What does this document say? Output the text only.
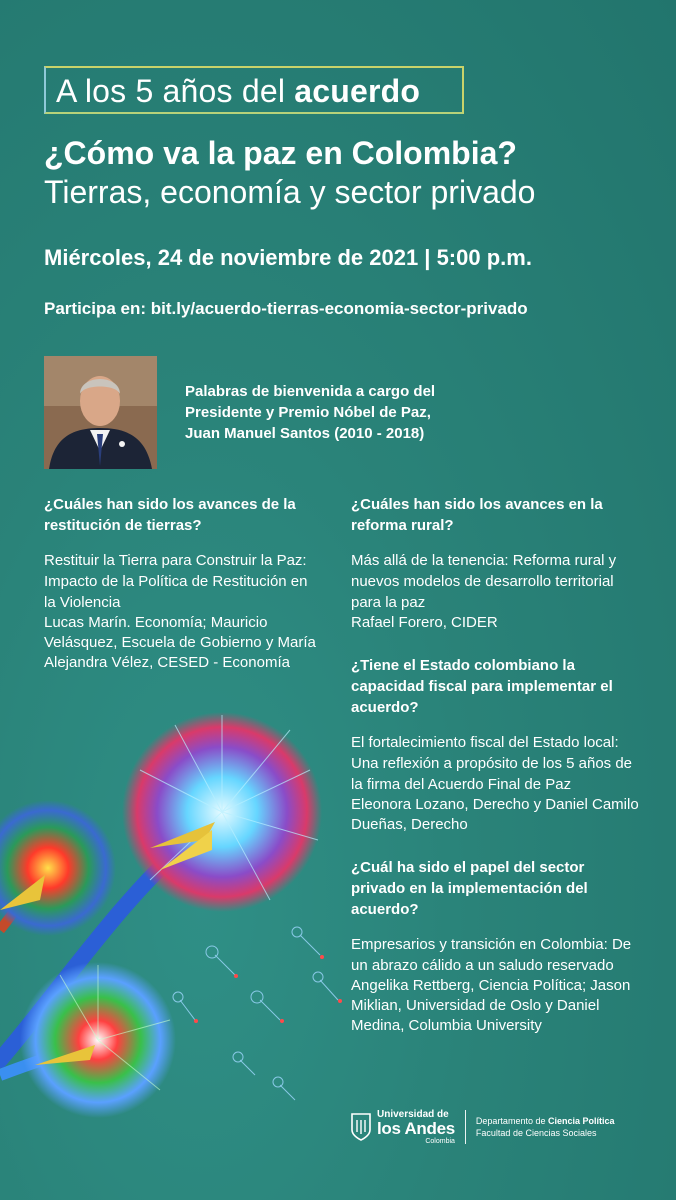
A los 5 años del acuerdo
¿Cómo va la paz en Colombia?
Tierras, economía y sector privado
Miércoles, 24 de noviembre de 2021 | 5:00 p.m.
Participa en: bit.ly/acuerdo-tierras-economia-sector-privado
Palabras de bienvenida a cargo del
Presidente y Premio Nóbel de Paz,
Juan Manuel Santos (2010 - 2018)
¿Cuáles han sido los avances de la restitución de tierras?
Restituir la Tierra para Construir la Paz: Impacto de la Política de Restitución en la Violencia
Lucas Marín. Economía; Mauricio Velásquez, Escuela de Gobierno y María Alejandra Vélez, CESED - Economía
¿Cuáles han sido los avances en la reforma rural?
Más allá de la tenencia: Reforma rural y nuevos modelos de desarrollo territorial para la paz
Rafael Forero, CIDER
¿Tiene el Estado colombiano la capacidad fiscal para implementar el acuerdo?
El fortalecimiento fiscal del Estado local: Una reflexión a propósito de los 5 años de la firma del Acuerdo Final de Paz
Eleonora Lozano, Derecho y Daniel Camilo Dueñas, Derecho
¿Cuál ha sido el papel del sector privado en la implementación del acuerdo?
Empresarios y transición en Colombia: De un abrazo cálido a un saludo reservado
Angelika Rettberg, Ciencia Política; Jason Miklian, Universidad de Oslo y Daniel Medina, Columbia University
Universidad de
los Andes
Colombia
Departamento de Ciencia Política
Facultad de Ciencias Sociales
